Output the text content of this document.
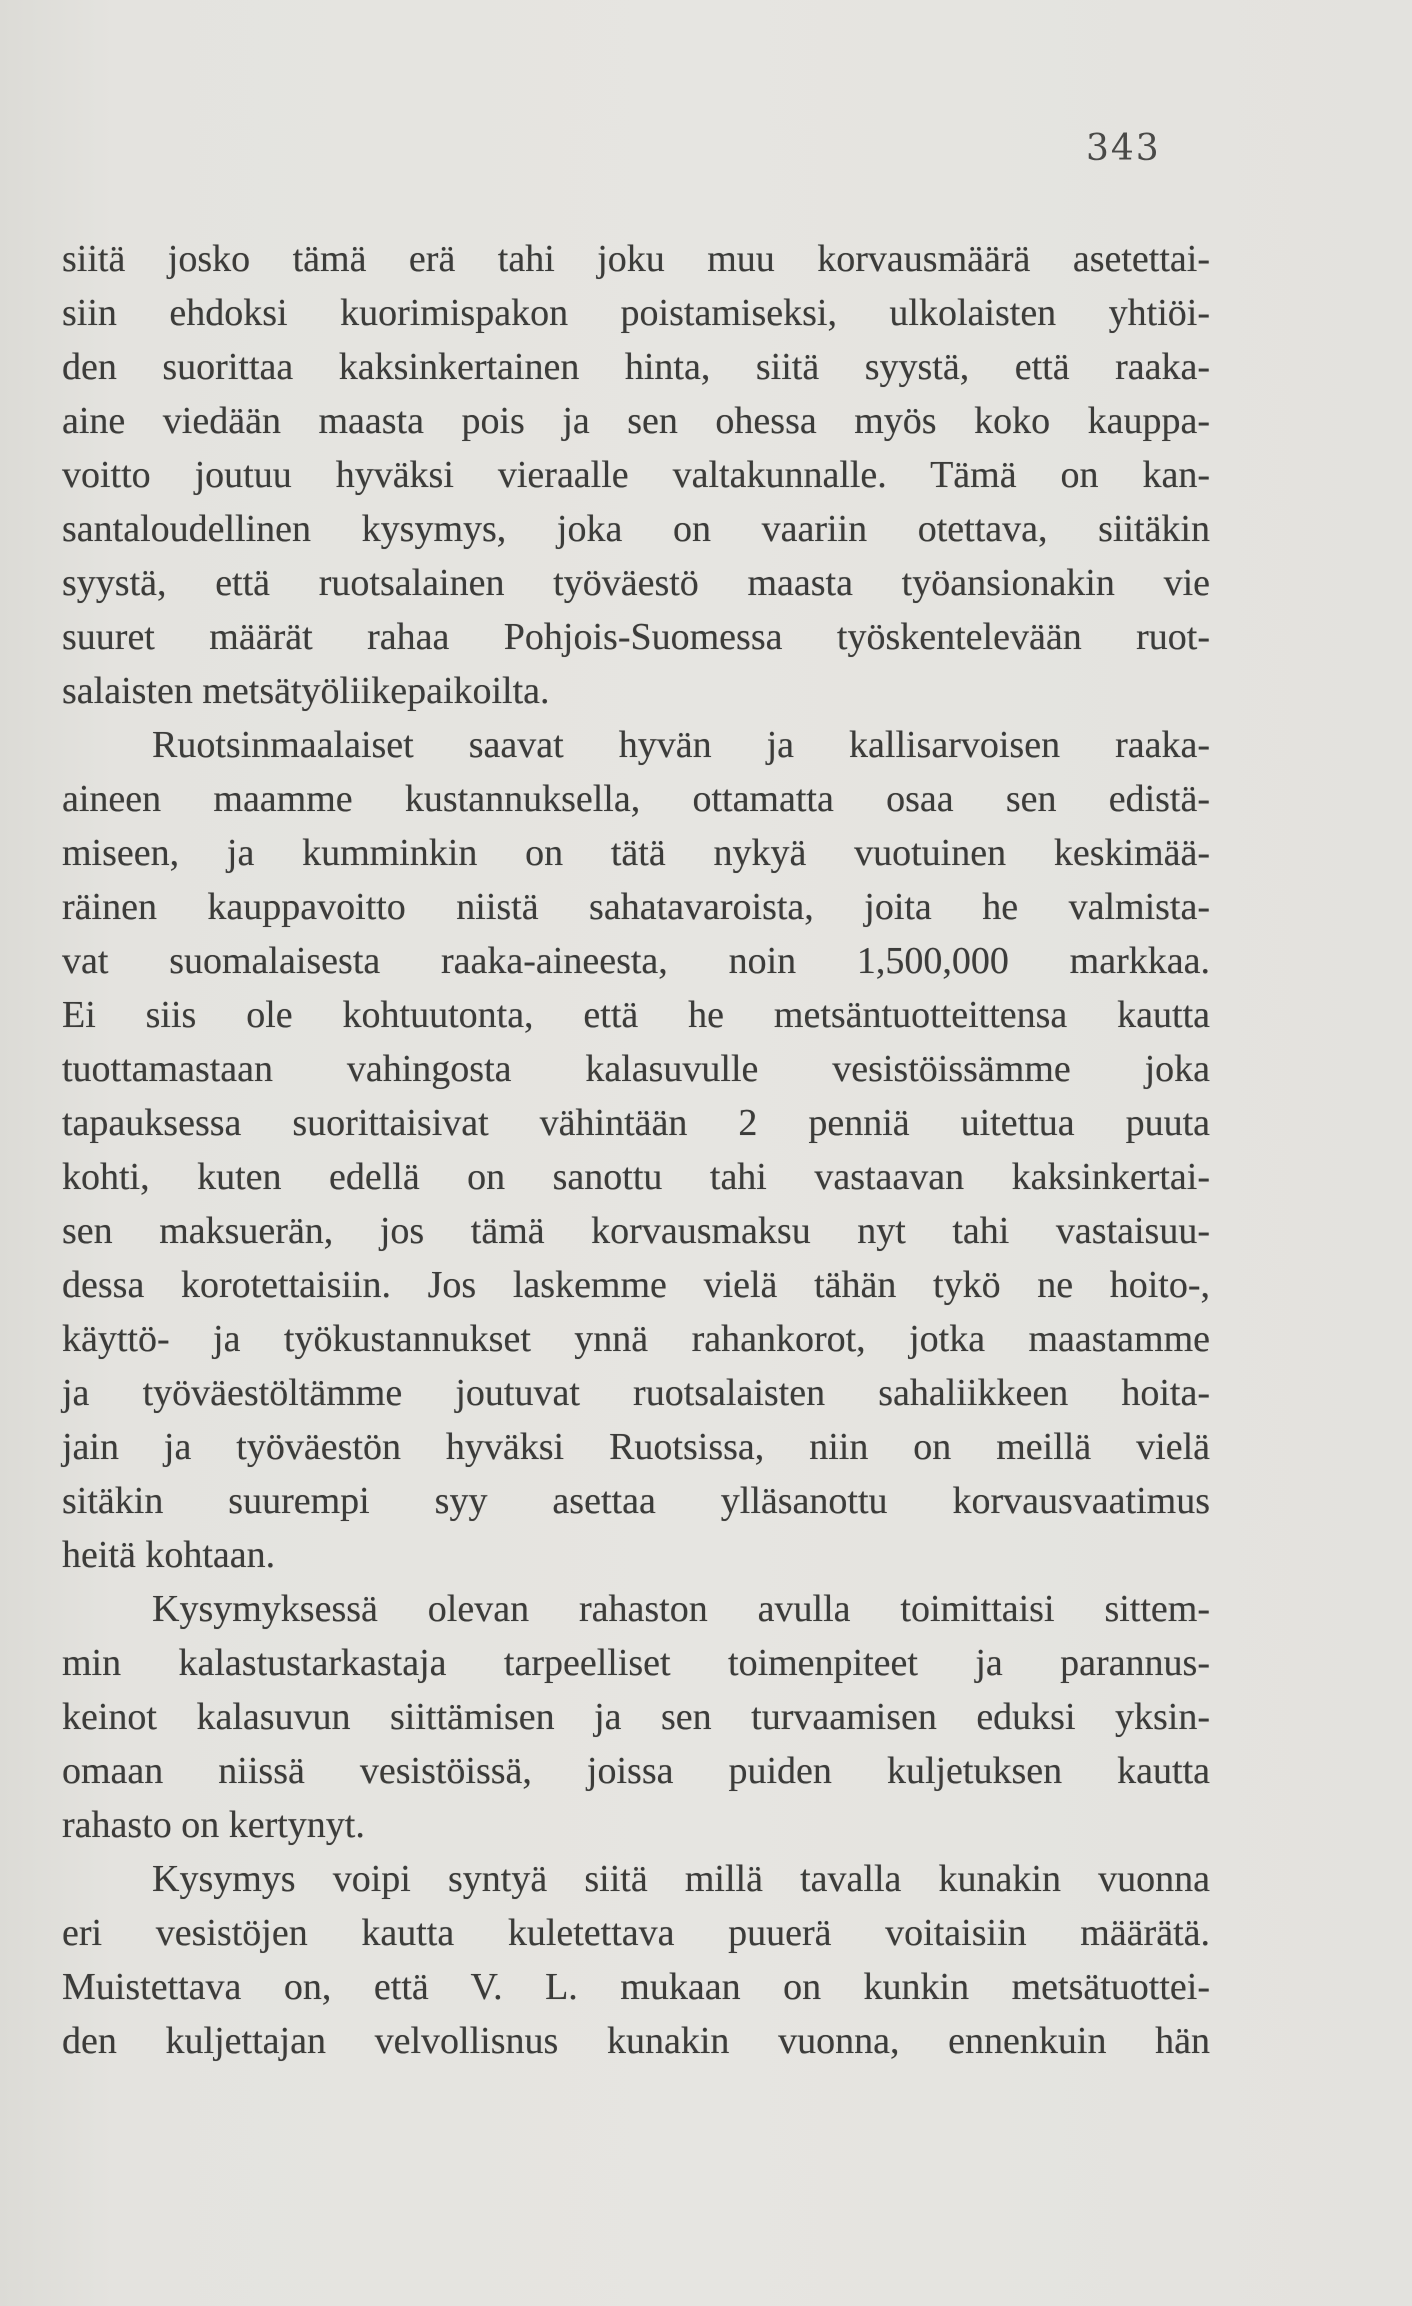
343
siitä josko tämä erä tahi joku muu korvausmäärä asetettai-
siin ehdoksi kuorimispakon poistamiseksi, ulkolaisten yhtiöi-
den suorittaa kaksinkertainen hinta, siitä syystä, että raaka-
aine viedään maasta pois ja sen ohessa myös koko kauppa-
voitto joutuu hyväksi vieraalle valtakunnalle. Tämä on kan-
santaloudellinen kysymys, joka on vaariin otettava, siitäkin
syystä, että ruotsalainen työväestö maasta työansionakin vie
suuret määrät rahaa Pohjois-Suomessa työskentelevään ruot-
salaisten metsätyöliikepaikoilta.
Ruotsinmaalaiset saavat hyvän ja kallisarvoisen raaka-
aineen maamme kustannuksella, ottamatta osaa sen edistä-
miseen, ja kumminkin on tätä nykyä vuotuinen keskimää-
räinen kauppavoitto niistä sahatavaroista, joita he valmista-
vat suomalaisesta raaka-aineesta, noin 1,500,000 markkaa.
Ei siis ole kohtuutonta, että he metsäntuotteittensa kautta
tuottamastaan vahingosta kalasuvulle vesistöissämme joka
tapauksessa suorittaisivat vähintään 2 penniä uitettua puuta
kohti, kuten edellä on sanottu tahi vastaavan kaksinkertai-
sen maksuerän, jos tämä korvausmaksu nyt tahi vastaisuu-
dessa korotettaisiin. Jos laskemme vielä tähän tykö ne hoito-,
käyttö- ja työkustannukset ynnä rahankorot, jotka maastamme
ja työväestöltämme joutuvat ruotsalaisten sahaliikkeen hoita-
jain ja työväestön hyväksi Ruotsissa, niin on meillä vielä
sitäkin suurempi syy asettaa ylläsanottu korvausvaatimus
heitä kohtaan.
Kysymyksessä olevan rahaston avulla toimittaisi sittem-
min kalastustarkastaja tarpeelliset toimenpiteet ja parannus-
keinot kalasuvun siittämisen ja sen turvaamisen eduksi yksin-
omaan niissä vesistöissä, joissa puiden kuljetuksen kautta
rahasto on kertynyt.
Kysymys voipi syntyä siitä millä tavalla kunakin vuonna
eri vesistöjen kautta kuletettava puuerä voitaisiin määrätä.
Muistettava on, että V. L. mukaan on kunkin metsätuottei-
den kuljettajan velvollisnus kunakin vuonna, ennenkuin hän
